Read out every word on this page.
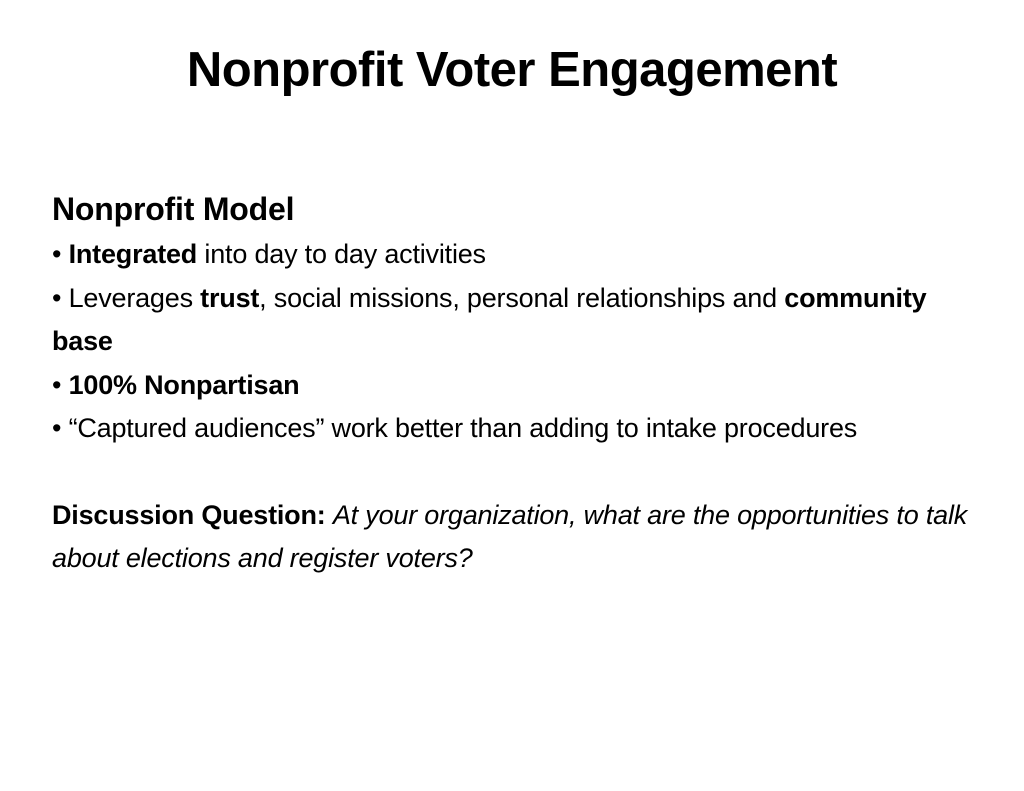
Nonprofit Voter Engagement
Nonprofit Model

• Integrated into day to day activities

• Leverages trust, social missions, personal relationships and community base

• 100% Nonpartisan

• “Captured audiences” work better than adding to intake procedures

Discussion Question: At your organization, what are the opportunities to talk about elections and register voters?
